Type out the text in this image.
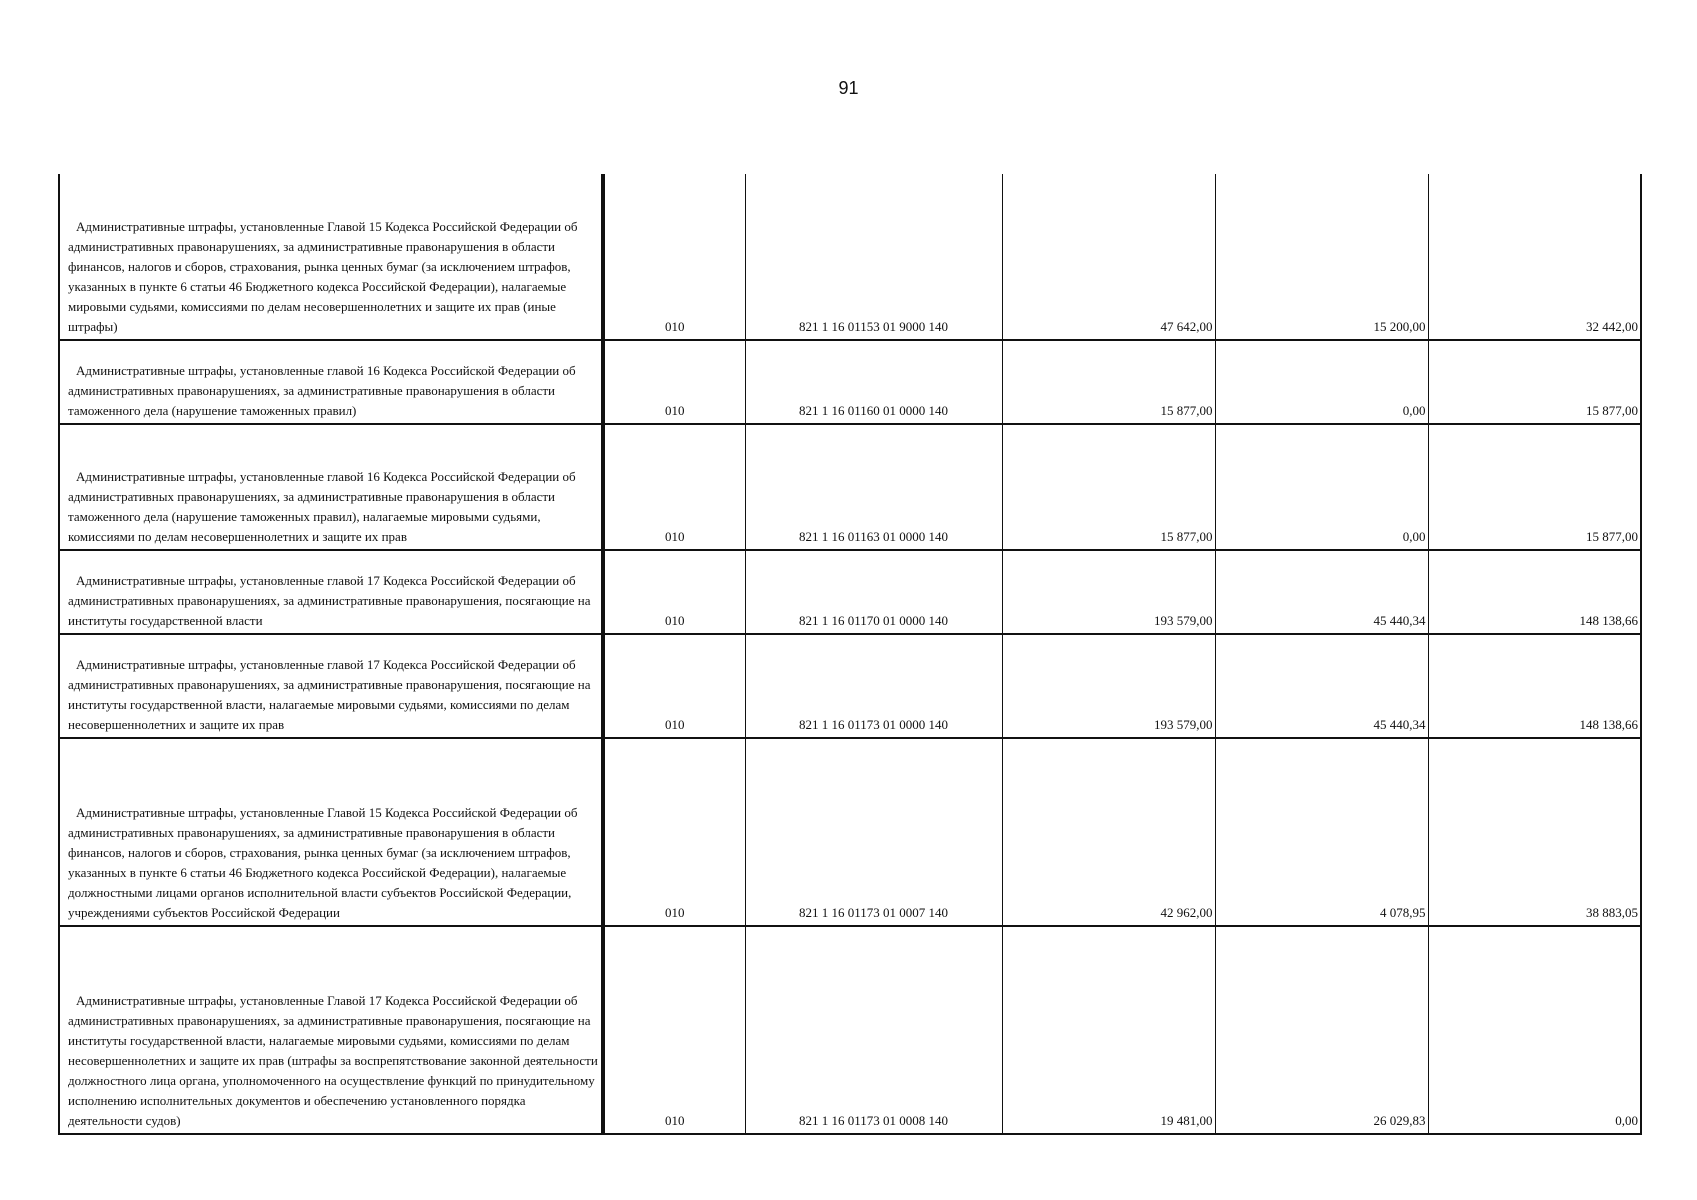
91
Административные штрафы, установленные Главой 15 Кодекса Российской Федерации об административных правонарушениях, за административные правонарушения в области финансов, налогов и сборов, страхования, рынка ценных бумаг (за исключением штрафов, указанных в пункте 6 статьи 46 Бюджетного кодекса Российской Федерации), налагаемые мировыми судьями, комиссиями по делам несовершеннолетних и защите их прав (иные штрафы)	010	821 1 16 01153 01 9000 140	47 642,00	15 200,00	32 442,00

Административные штрафы, установленные главой 16 Кодекса Российской Федерации об административных правонарушениях, за административные правонарушения в области таможенного дела (нарушение таможенных правил)	010	821 1 16 01160 01 0000 140	15 877,00	0,00	15 877,00

Административные штрафы, установленные главой 16 Кодекса Российской Федерации об административных правонарушениях, за административные правонарушения в области таможенного дела (нарушение таможенных правил), налагаемые мировыми судьями, комиссиями по делам несовершеннолетних и защите их прав	010	821 1 16 01163 01 0000 140	15 877,00	0,00	15 877,00

Административные штрафы, установленные главой 17 Кодекса Российской Федерации об административных правонарушениях, за административные правонарушения, посягающие на институты государственной власти	010	821 1 16 01170 01 0000 140	193 579,00	45 440,34	148 138,66

Административные штрафы, установленные главой 17 Кодекса Российской Федерации об административных правонарушениях, за административные правонарушения, посягающие на институты государственной власти, налагаемые мировыми судьями, комиссиями по делам несовершеннолетних и защите их прав	010	821 1 16 01173 01 0000 140	193 579,00	45 440,34	148 138,66

Административные штрафы, установленные Главой 15 Кодекса Российской Федерации об административных правонарушениях, за административные правонарушения в области финансов, налогов и сборов, страхования, рынка ценных бумаг (за исключением штрафов, указанных в пункте 6 статьи 46 Бюджетного кодекса Российской Федерации), налагаемые должностными лицами органов исполнительной власти субъектов Российской Федерации, учреждениями субъектов Российской Федерации	010	821 1 16 01173 01 0007 140	42 962,00	4 078,95	38 883,05

Административные штрафы, установленные Главой 17 Кодекса Российской Федерации об административных правонарушениях, за административные правонарушения, посягающие на институты государственной власти, налагаемые мировыми судьями, комиссиями по делам несовершеннолетних и защите их прав (штрафы за воспрепятствование законной деятельности должностного лица органа, уполномоченного на осуществление функций по принудительному исполнению исполнительных документов и обеспечению установленного порядка деятельности судов)	010	821 1 16 01173 01 0008 140	19 481,00	26 029,83	0,00
